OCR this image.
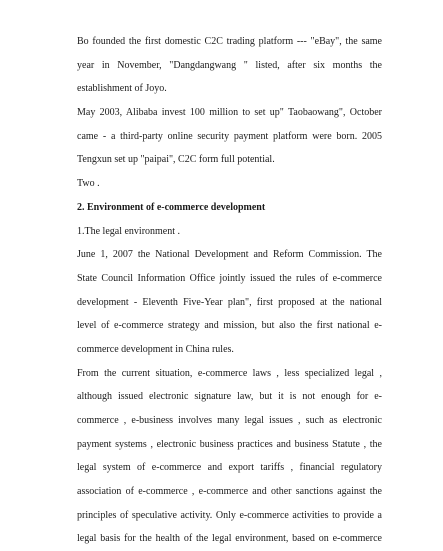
Bo founded the first domestic C2C trading platform --- "eBay", the same
year in November, "Dangdangwang " listed, after six months the
establishment of Joyo.
May 2003, Alibaba invest 100 million to set up" Taobaowang", October
came - a third-party online security payment platform were born. 2005
Tengxun set up "paipai", C2C form full potential.
Two .
2. Environment of e-commerce development
1.The legal environment .
June 1, 2007 the National Development and Reform Commission. The
State Council Information Office jointly issued the rules of e-commerce
development - Eleventh Five-Year plan", first proposed at the national
level of e-commerce strategy and mission, but also the first national e-
commerce development in China rules.
From the current situation, e-commerce laws , less specialized legal ,
although issued electronic signature law, but it is not enough for e-
commerce , e-business involves many legal issues , such as electronic
payment systems , electronic business practices and business Statute , the
legal system of e-commerce and export tariffs , financial regulatory
association of e-commerce , e-commerce and other sanctions against the
principles of speculative activity. Only e-commerce activities to provide a
legal basis for the health of the legal environment, based on e-commerce
